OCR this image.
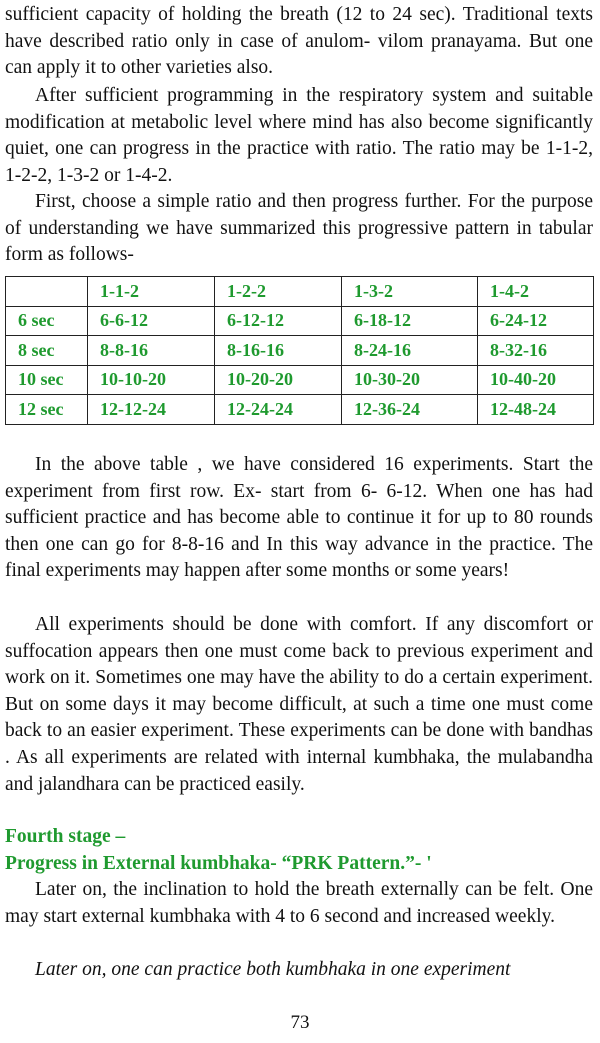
sufficient capacity of holding the breath (12 to 24 sec). Traditional texts have described ratio only in case of anulom- vilom pranayama. But one can apply it to other varieties also.

After sufficient programming in the respiratory system and suitable modification at metabolic level where mind has also become significantly quiet, one can progress in the practice with ratio. The ratio may be 1-1-2, 1-2-2, 1-3-2 or 1-4-2.

First, choose a simple ratio and then progress further. For the purpose of understanding we have summarized this progressive pattern in tabular form as follows-

	1-1-2	1-2-2	1-3-2	1-4-2
6 sec	6-6-12	6-12-12	6-18-12	6-24-12
8 sec	8-8-16	8-16-16	8-24-16	8-32-16
10 sec	10-10-20	10-20-20	10-30-20	10-40-20
12 sec	12-12-24	12-24-24	12-36-24	12-48-24

In the above table , we have considered 16 experiments. Start the experiment from first row. Ex- start from 6- 6-12. When one has had sufficient practice and has become able to continue it for up to 80 rounds then one can go for 8-8-16 and In this way advance in the practice. The final experiments may happen after some months or some years!

All experiments should be done with comfort. If any discomfort or suffocation appears then one must come back to previous experiment and work on it. Sometimes one may have the ability to do a certain experiment. But on some days it may become difficult, at such a time one must come back to an easier experiment. These experiments can be done with bandhas . As all experiments are related with internal kumbhaka, the mulabandha and jalandhara can be practiced easily.

Fourth stage –

Progress in External kumbhaka- “PRK Pattern.”- '

Later on, the inclination to hold the breath externally can be felt. One may start external kumbhaka with 4 to 6 second and increased weekly.

Later on, one can practice both kumbhaka in one experiment

73
